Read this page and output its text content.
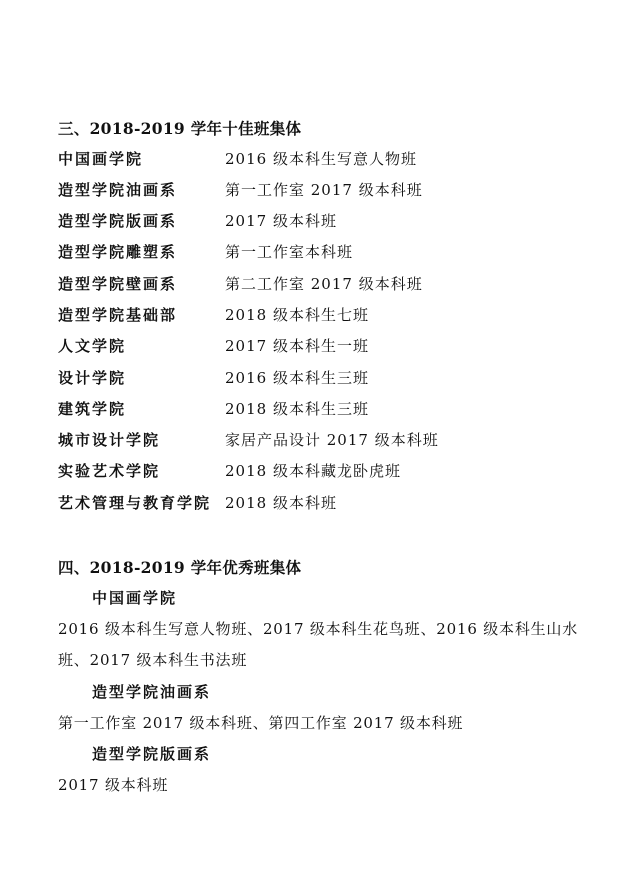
三、2018-2019 学年十佳班集体
中国画学院	2016 级本科生写意人物班
造型学院油画系	第一工作室 2017 级本科班
造型学院版画系	2017 级本科班
造型学院雕塑系	第一工作室本科班
造型学院壁画系	第二工作室 2017 级本科班
造型学院基础部	2018 级本科生七班
人文学院	2017 级本科生一班
设计学院	2016 级本科生三班
建筑学院	2018 级本科生三班
城市设计学院	家居产品设计 2017 级本科班
实验艺术学院	2018 级本科藏龙卧虎班
艺术管理与教育学院 2018 级本科班
四、2018-2019 学年优秀班集体
中国画学院
2016 级本科生写意人物班、2017 级本科生花鸟班、2016 级本科生山水
班、2017 级本科生书法班
造型学院油画系
第一工作室 2017 级本科班、第四工作室 2017 级本科班
造型学院版画系
2017 级本科班
